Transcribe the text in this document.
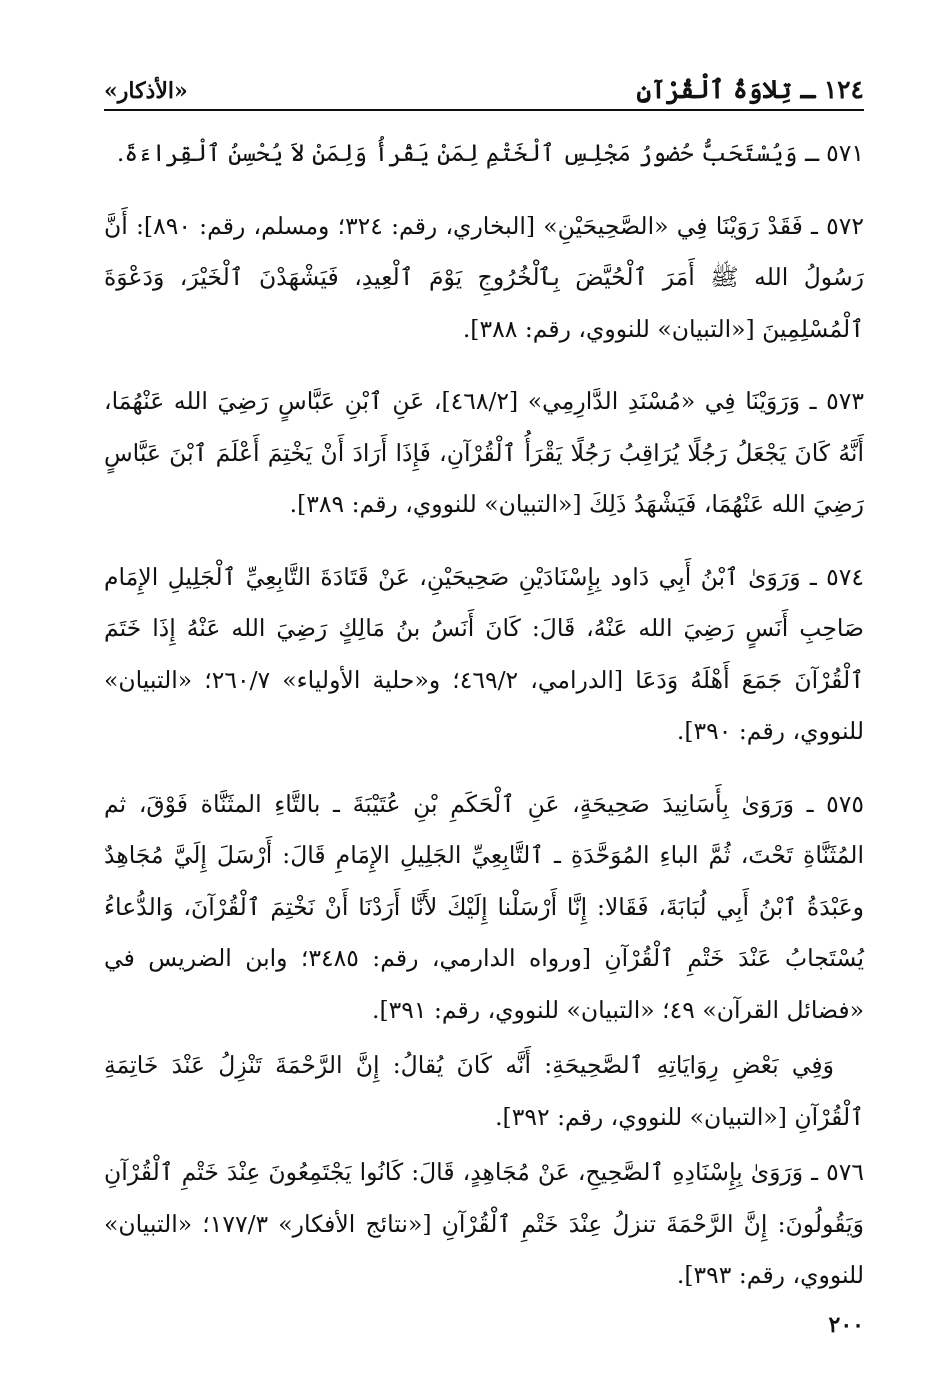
١٢٤ ـ تِلاوَةُ ٱلْقُرْآنِ
«الأذكار»

٥٧١ ـ وَيُسْتَحَبُّ حُضورُ مَجْلِسِ ٱلْخَتْمِ لِمَنْ يَقْرأُ وَلِمَنْ لاَ يُحْسِنُ ٱلْقِراءَةَ.

٥٧٢ ـ فَقَدْ رَوَيْنَا فِي «الصَّحِيحَيْنِ» [البخاري، رقم: ٣٢٤؛ ومسلم، رقم: ٨٩٠]: أَنَّ رَسُولُ الله ﷺ أَمَرَ ٱلْحُيَّضَ بِٱلْخُرُوجِ يَوْمَ ٱلْعِيدِ، فَيَشْهَدْنَ ٱلْخَيْرَ، وَدَعْوَةَ ٱلْمُسْلِمِينَ [«التبيان» للنووي، رقم: ٣٨٨].

٥٧٣ ـ وَرَوَيْنَا فِي «مُسْنَدِ الدَّارِمِي» [٤٦٨/٢]، عَنِ ٱبْنِ عَبَّاسٍ رَضِيَ الله عَنْهُمَا، أَنَّهُ كَانَ يَجْعَلُ رَجُلًا يُرَاقِبُ رَجُلًا يَقْرَأُ ٱلْقُرْآنِ، فَإِذَا أَرَادَ أَنْ يَخْتِمَ أَعْلَمَ ٱبْنَ عَبَّاسٍ رَضِيَ الله عَنْهُمَا، فَيَشْهَدُ ذَلِكَ [«التبيان» للنووي، رقم: ٣٨٩].

٥٧٤ ـ وَرَوَىٰ ٱبْنُ أَبِي دَاود بِإِسْنَادَيْنِ صَحِيحَيْنِ، عَنْ قَتَادَةَ التَّابِعِيِّ ٱلْجَلِيلِ الإِمَام صَاحِبِ أَنَسٍ رَضِيَ الله عَنْهُ، قَالَ: كَانَ أَنَسُ بنُ مَالِكٍ رَضِيَ الله عَنْهُ إِذَا خَتَمَ ٱلْقُرْآنَ جَمَعَ أَهْلَهُ وَدَعَا [الدرامي، ٤٦٩/٢؛ و«حلية الأولياء» ٢٦٠/٧؛ «التبيان» للنووي، رقم: ٣٩٠].

٥٧٥ ـ وَرَوَىٰ بِأَسَانِيدَ صَحِيحَةٍ، عَنِ ٱلْحَكَمِ بْنِ عُتَيْبَةَ ـ بالتَّاءِ المثَنَّاة فَوْقَ، ثم المُثَنَّاةِ تَحْتَ، ثُمَّ الباءِ المُوَحَّدَةِ ـ ٱلتَّابِعِيِّ الجَلِيلِ الإِمَامِ قَالَ: أَرْسَلَ إِلَيَّ مُجَاهِدٌ وعَبْدَةُ ٱبْنُ أَبِي لُبَابَةَ، فَقَالا: إِنَّا أَرْسَلْنا إِلَيْكَ لأَنَّا أَرَدْنَا أَنْ نَخْتِمَ ٱلْقُرْآنَ، وَالدُّعاءُ يُسْتَجابُ عَنْدَ خَتْمِ ٱلْقُرْآنِ [ورواه الدارمي، رقم: ٣٤٨٥؛ وابن الضريس في «فضائل القرآن» ٤٩؛ «التبيان» للنووي، رقم: ٣٩١].

وَفِي بَعْضِ رِوَايَاتِهِ ٱلصَّحِيحَةِ: أَنَّه كَانَ يُقالُ: إِنَّ الرَّحْمَةَ تَنْزِلُ عَنْدَ خَاتِمَةِ ٱلْقُرْآنِ [«التبيان» للنووي، رقم: ٣٩٢].

٥٧٦ ـ وَرَوَىٰ بِإِسْنَادِهِ ٱلصَّحِيحِ، عَنْ مُجَاهِدٍ، قَالَ: كَانُوا يَجْتَمِعُونَ عِنْدَ خَتْمِ ٱلْقُرْآنِ وَيَقُولُونَ: إِنَّ الرَّحْمَةَ تنزلُ عِنْدَ خَتْمِ ٱلْقُرْآنِ [«نتائج الأفكار» ١٧٧/٣؛ «التبيان» للنووي، رقم: ٣٩٣].

٢٠٠
